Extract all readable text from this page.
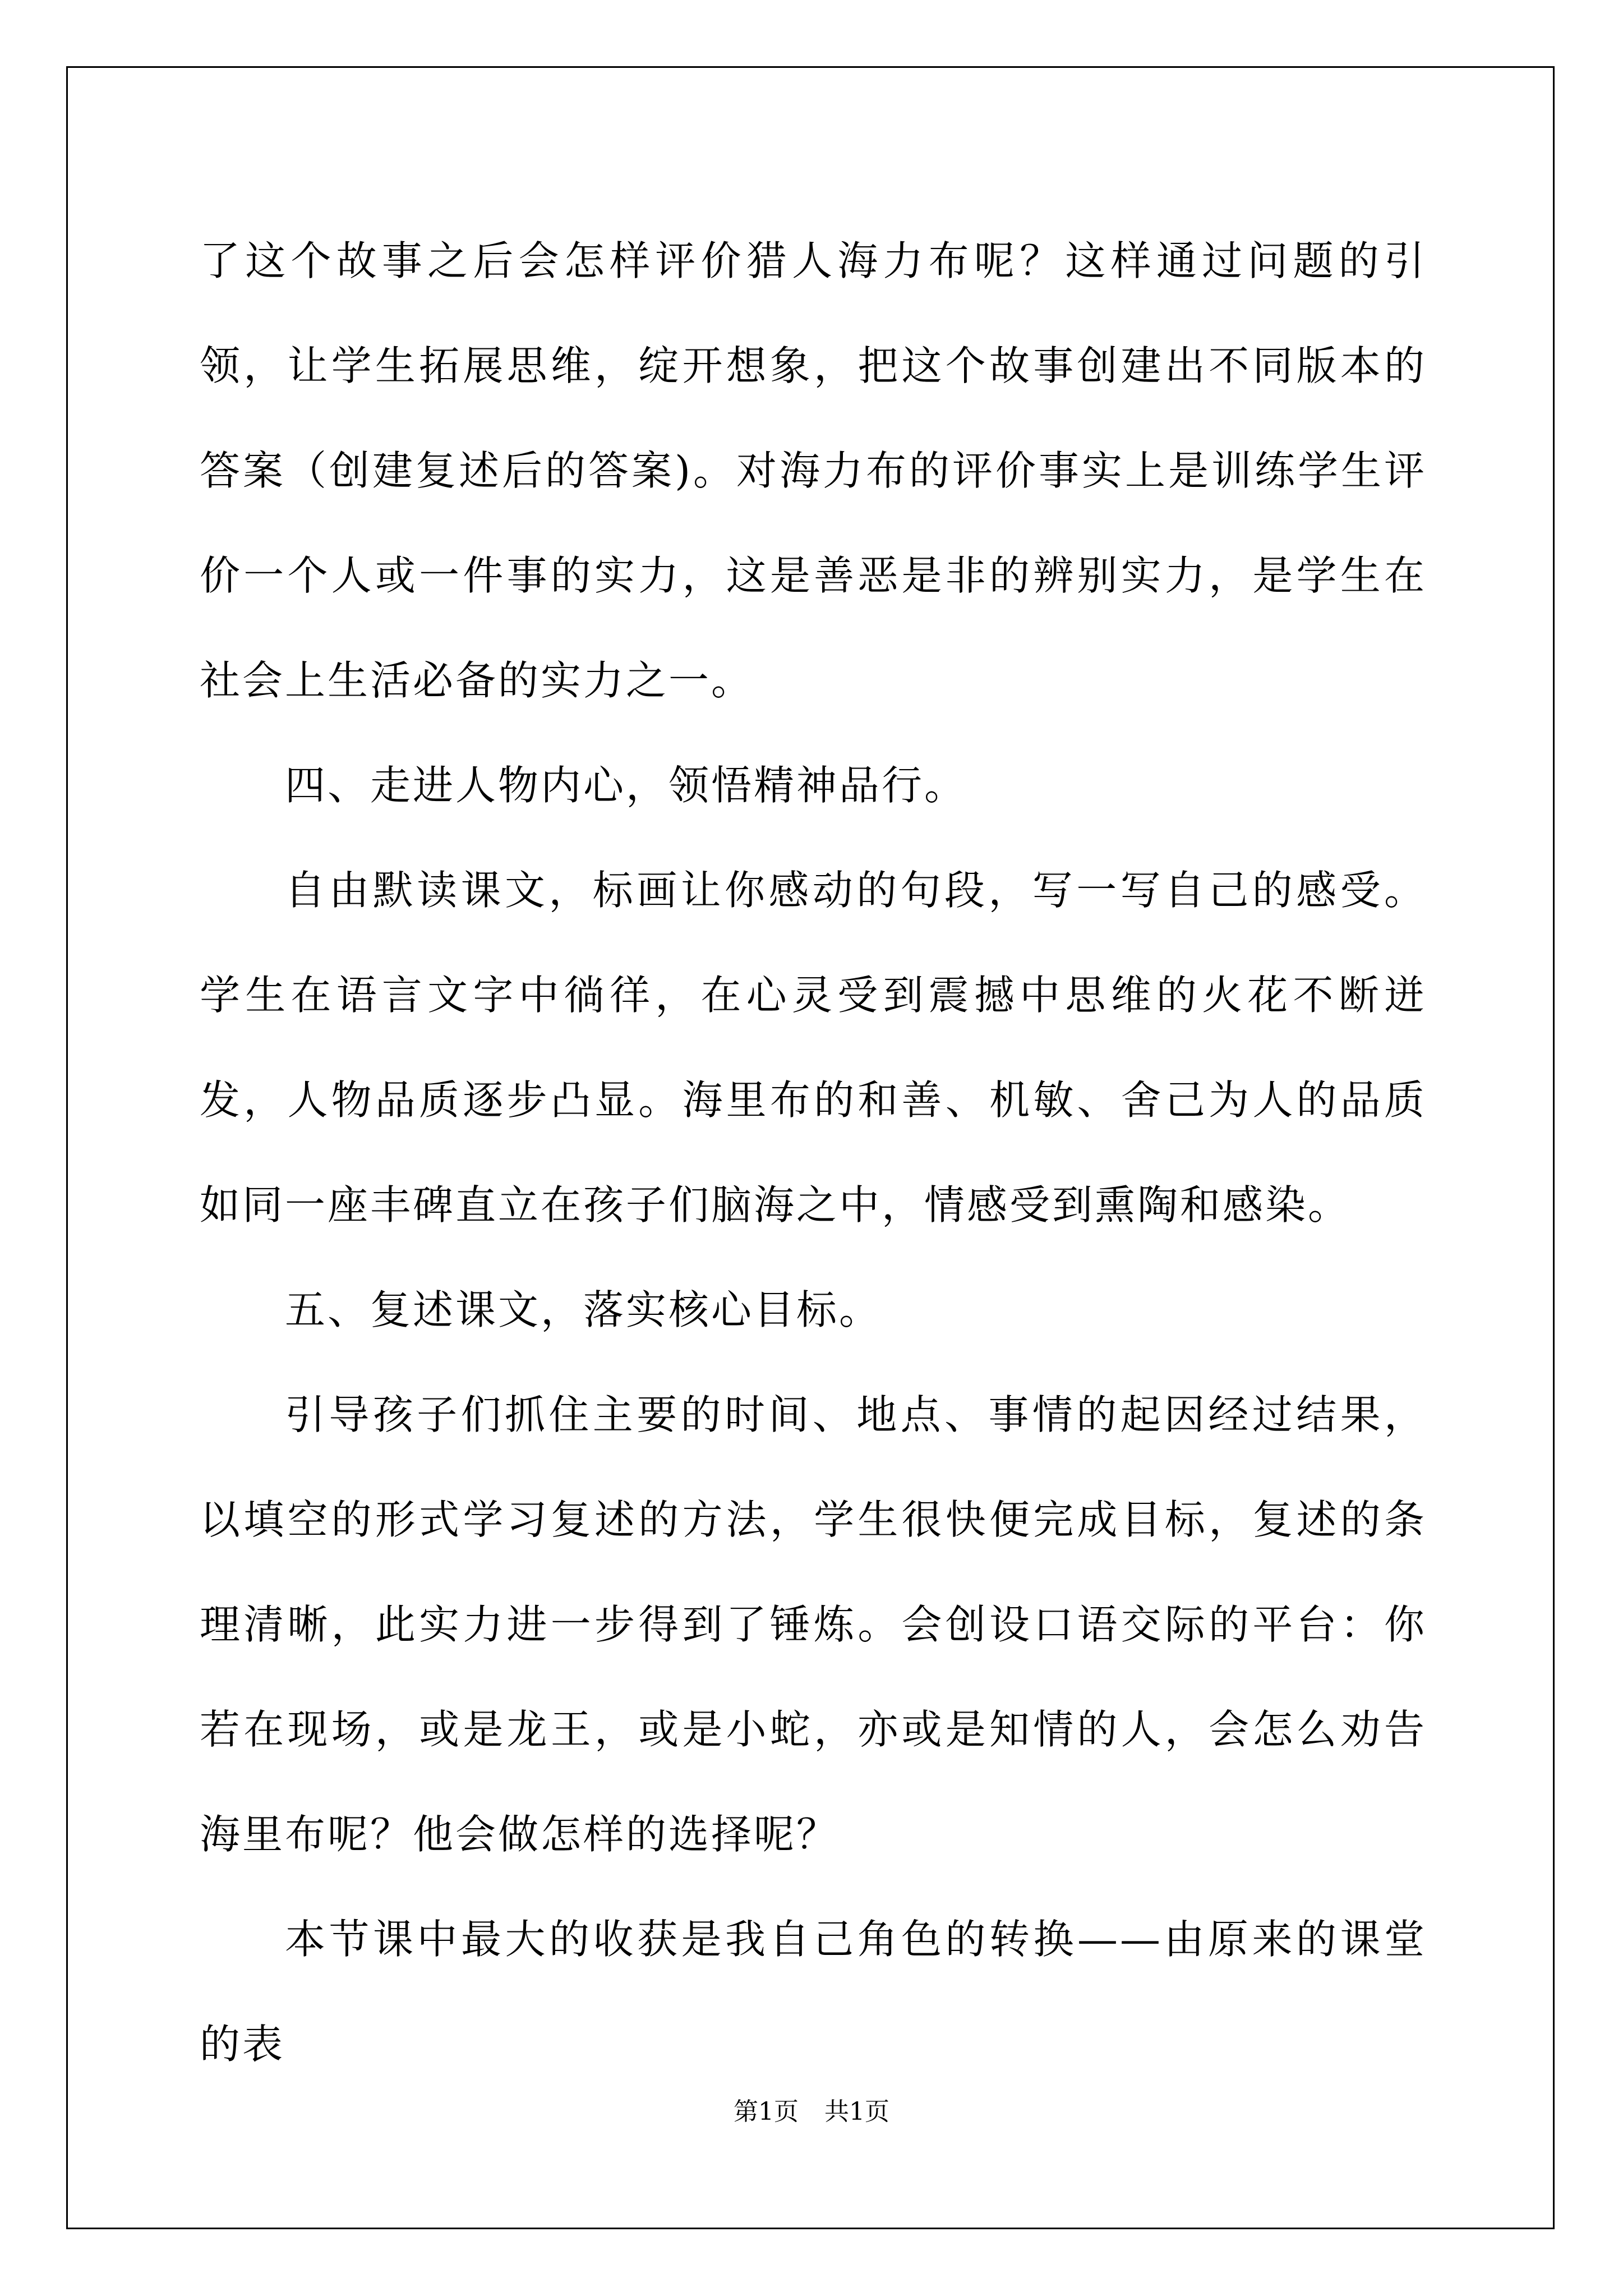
了这个故事之后会怎样评价猎人海力布呢？这样通过问题的引领，让学生拓展思维，绽开想象，把这个故事创建出不同版本的答案（创建复述后的答案)。对海力布的评价事实上是训练学生评价一个人或一件事的实力，这是善恶是非的辨别实力，是学生在社会上生活必备的实力之一。

四、走进人物内心，领悟精神品行。

自由默读课文，标画让你感动的句段，写一写自己的感受。学生在语言文字中徜徉，在心灵受到震撼中思维的火花不断迸发，人物品质逐步凸显。海里布的和善、机敏、舍己为人的品质如同一座丰碑直立在孩子们脑海之中，情感受到熏陶和感染。

五、复述课文，落实核心目标。

引导孩子们抓住主要的时间、地点、事情的起因经过结果，以填空的形式学习复述的方法，学生很快便完成目标，复述的条理清晰，此实力进一步得到了锤炼。会创设口语交际的平台：你若在现场，或是龙王，或是小蛇，亦或是知情的人，会怎么劝告海里布呢？他会做怎样的选择呢？

本节课中最大的收获是我自己角色的转换——由原来的课堂的表

第1页 共1页
